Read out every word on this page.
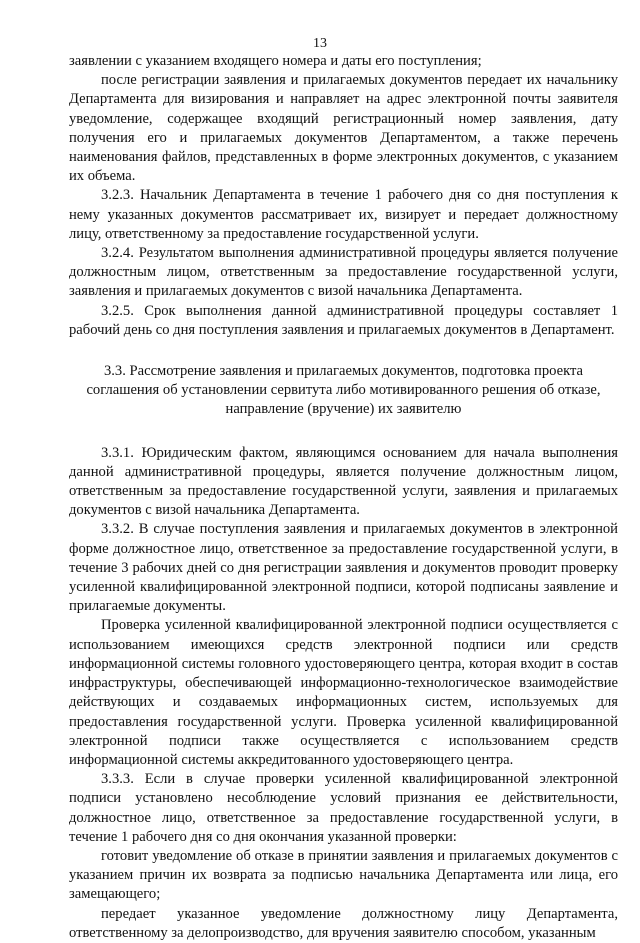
13

заявлении с указанием входящего номера и даты его поступления;

после регистрации заявления и прилагаемых документов передает их начальнику Департамента для визирования и направляет на адрес электронной почты заявителя уведомление, содержащее входящий регистрационный номер заявления, дату получения его и прилагаемых документов Департаментом, а также перечень наименования файлов, представленных в форме электронных документов, с указанием их объема.

3.2.3. Начальник Департамента в течение 1 рабочего дня со дня поступления к нему указанных документов рассматривает их, визирует и передает должностному лицу, ответственному за предоставление государственной услуги.

3.2.4. Результатом выполнения административной процедуры является получение должностным лицом, ответственным за предоставление государственной услуги, заявления и прилагаемых документов с визой начальника Департамента.

3.2.5. Срок выполнения данной административной процедуры составляет 1 рабочий день со дня поступления заявления и прилагаемых документов в Департамент.

3.3. Рассмотрение заявления и прилагаемых документов, подготовка проекта
соглашения об установлении сервитута либо мотивированного решения об отказе,
направление (вручение) их заявителю

3.3.1. Юридическим фактом, являющимся основанием для начала выполнения данной административной процедуры, является получение должностным лицом, ответственным за предоставление государственной услуги, заявления и прилагаемых документов с визой начальника Департамента.

3.3.2. В случае поступления заявления и прилагаемых документов в электронной форме должностное лицо, ответственное за предоставление государственной услуги, в течение 3 рабочих дней со дня регистрации заявления и документов проводит проверку усиленной квалифицированной электронной подписи, которой подписаны заявление и прилагаемые документы.

Проверка усиленной квалифицированной электронной подписи осуществляется с использованием имеющихся средств электронной подписи или средств информационной системы головного удостоверяющего центра, которая входит в состав инфраструктуры, обеспечивающей информационно-технологическое взаимодействие действующих и создаваемых информационных систем, используемых для предоставления государственной услуги. Проверка усиленной квалифицированной электронной подписи также осуществляется с использованием средств информационной системы аккредитованного удостоверяющего центра.

3.3.3. Если в случае проверки усиленной квалифицированной электронной подписи установлено несоблюдение условий признания ее действительности, должностное лицо, ответственное за предоставление государственной услуги, в течение 1 рабочего дня со дня окончания указанной проверки:

готовит уведомление об отказе в принятии заявления и прилагаемых документов с указанием причин их возврата за подписью начальника Департамента или лица, его замещающего;

передает указанное уведомление должностному лицу Департамента, ответственному за делопроизводство, для вручения заявителю способом, указанным
